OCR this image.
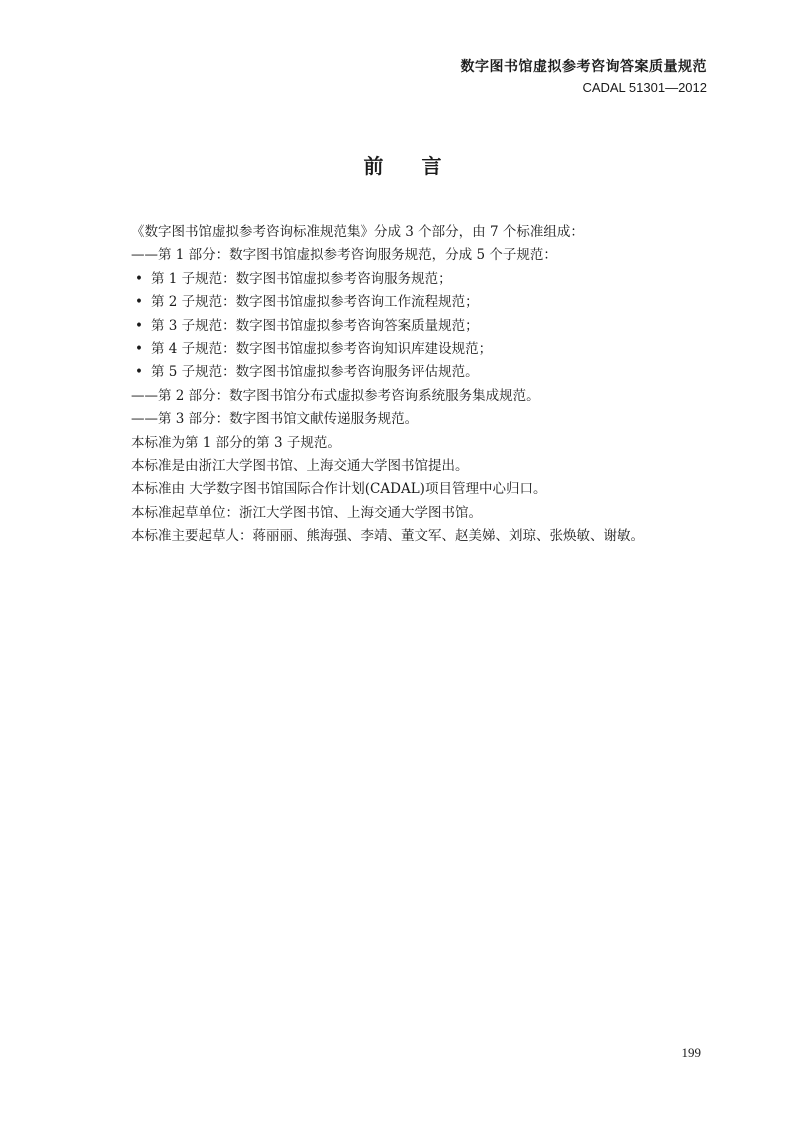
数字图书馆虚拟参考咨询答案质量规范
CADAL 51301—2012
前言
《数字图书馆虚拟参考咨询标准规范集》分成 3 个部分，由 7 个标准组成：
——第 1 部分：数字图书馆虚拟参考咨询服务规范，分成 5 个子规范：
• 第 1 子规范：数字图书馆虚拟参考咨询服务规范；
• 第 2 子规范：数字图书馆虚拟参考咨询工作流程规范；
• 第 3 子规范：数字图书馆虚拟参考咨询答案质量规范；
• 第 4 子规范：数字图书馆虚拟参考咨询知识库建设规范；
• 第 5 子规范：数字图书馆虚拟参考咨询服务评估规范。
——第 2 部分：数字图书馆分布式虚拟参考咨询系统服务集成规范。
——第 3 部分：数字图书馆文献传递服务规范。
本标准为第 1 部分的第 3 子规范。
本标准是由浙江大学图书馆、上海交通大学图书馆提出。
本标准由 大学数字图书馆国际合作计划(CADAL)项目管理中心归口。
本标准起草单位：浙江大学图书馆、上海交通大学图书馆。
本标准主要起草人：蒋丽丽、熊海强、李靖、董文军、赵美娣、刘琼、张焕敏、谢敏。
199
